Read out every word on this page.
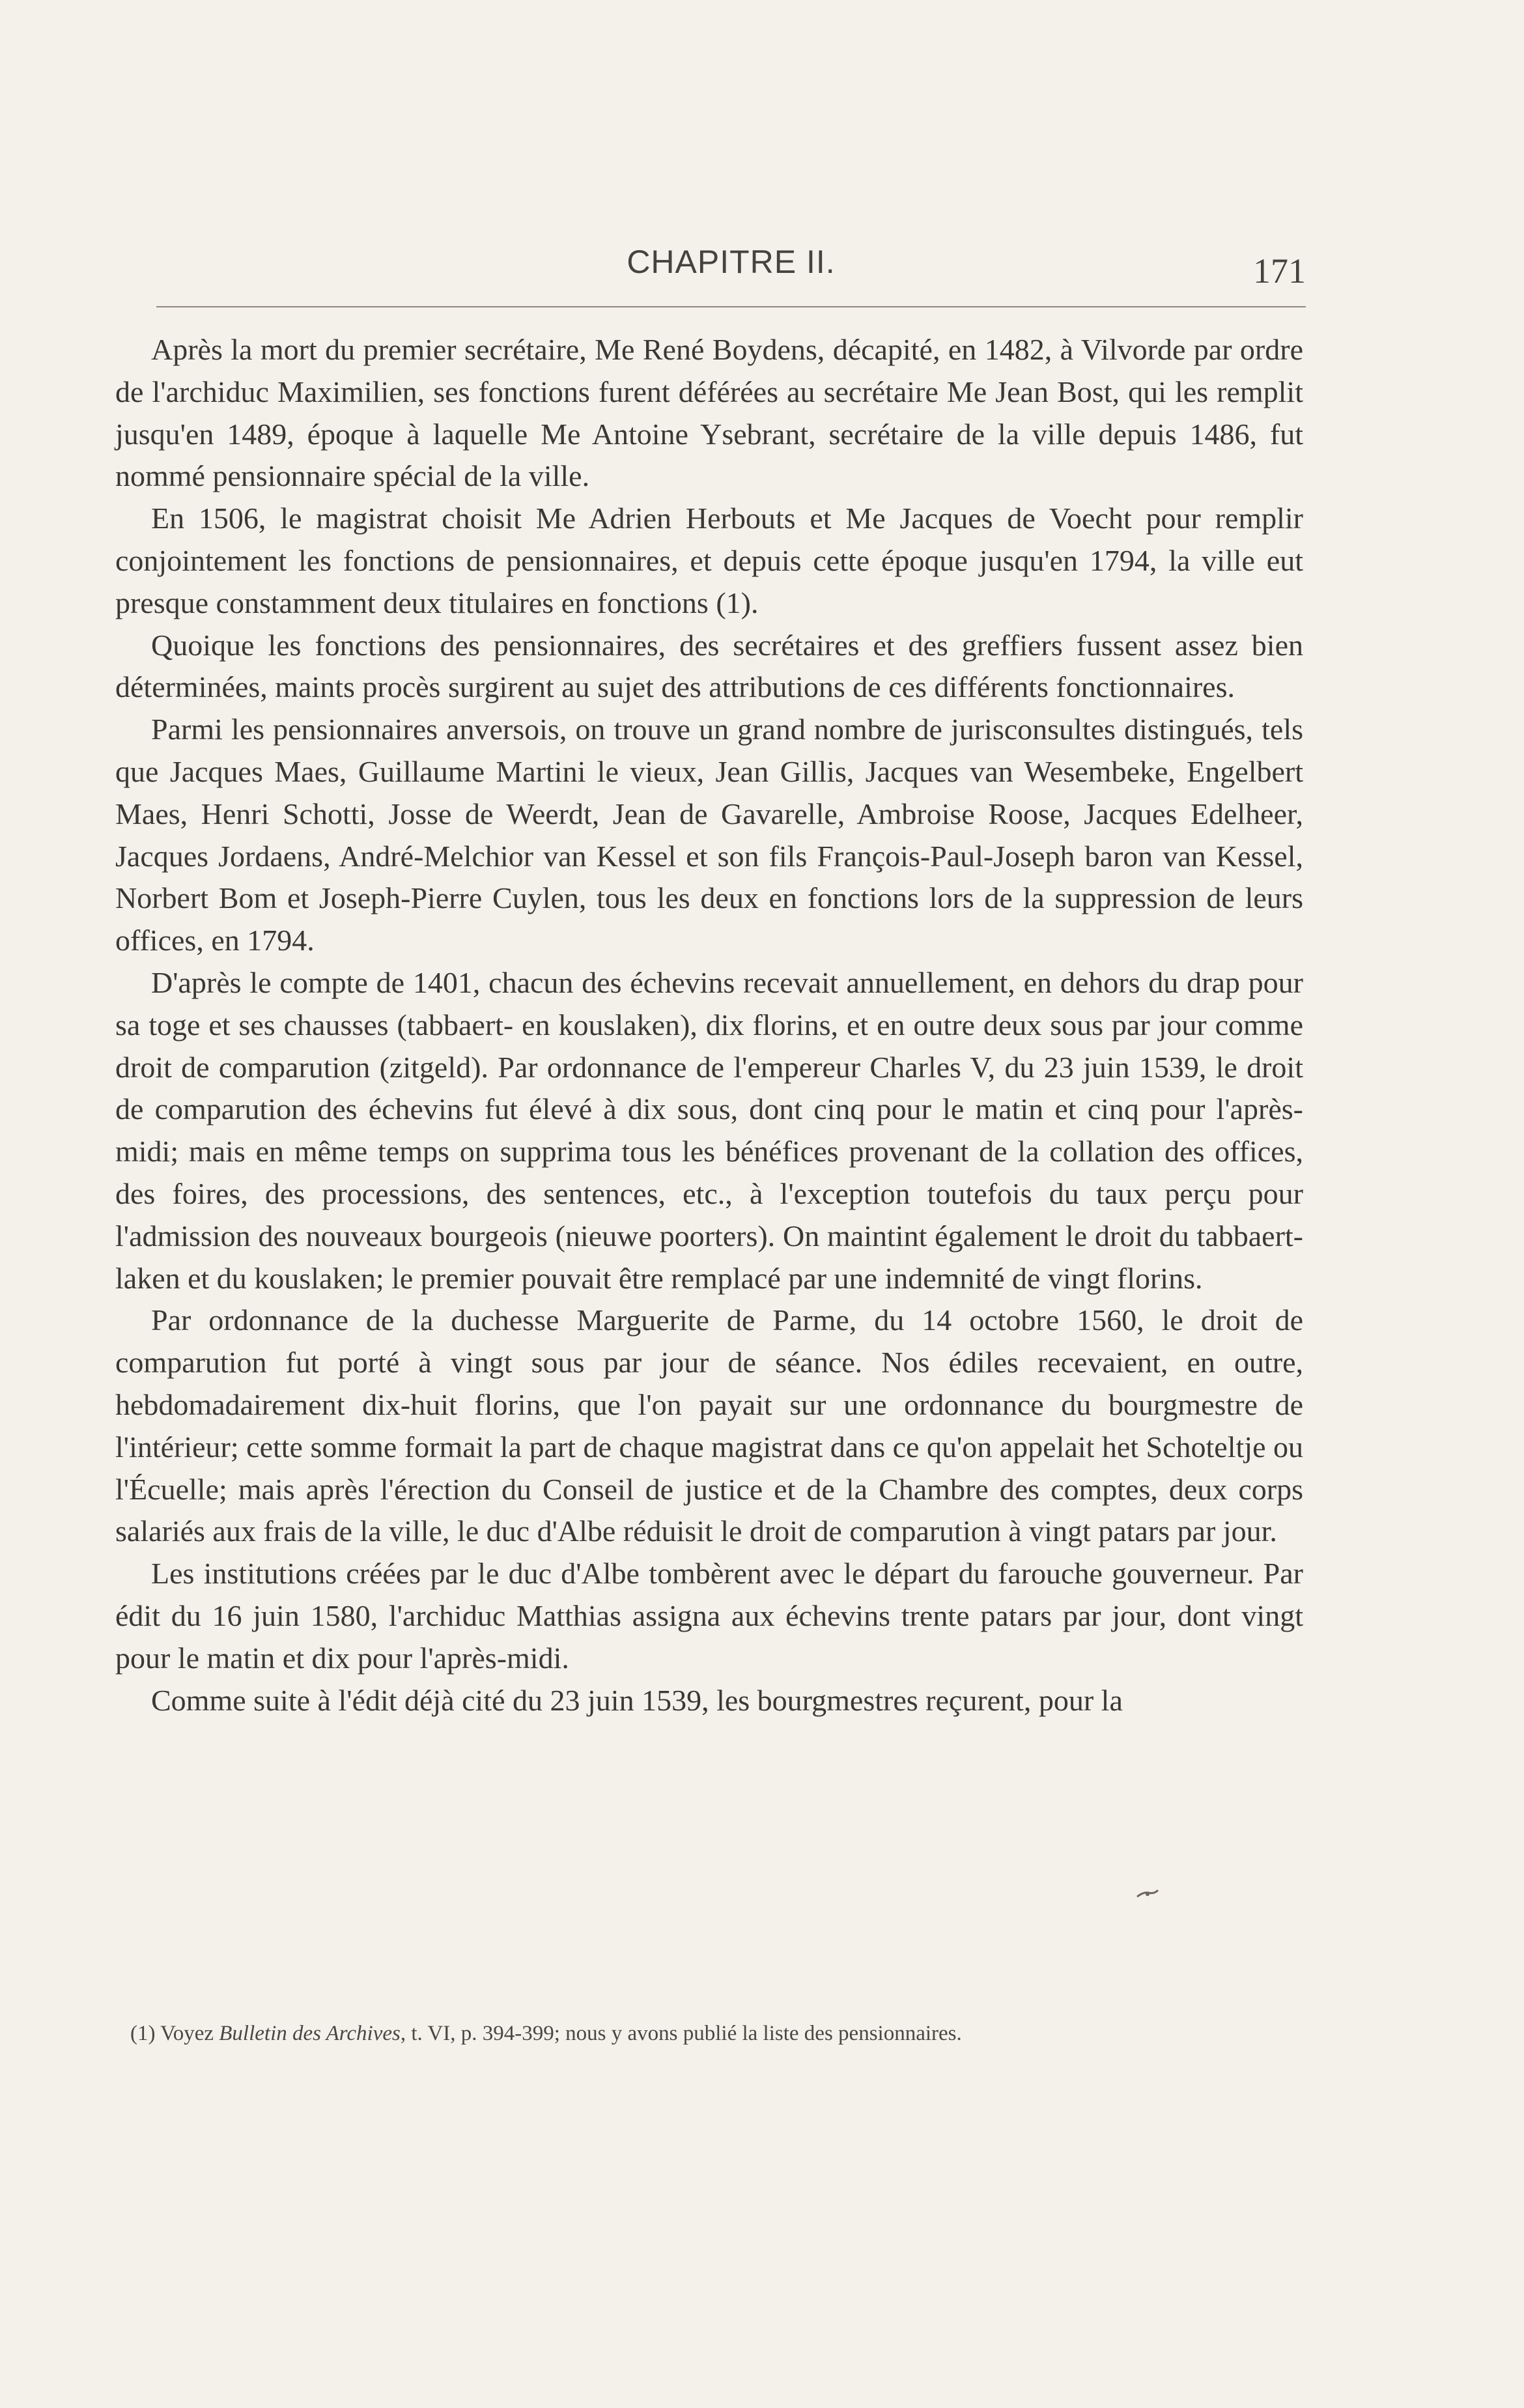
CHAPITRE II.	171

Après la mort du premier secrétaire, Me René Boydens, décapité, en 1482, à Vilvorde par ordre de l'archiduc Maximilien, ses fonctions furent déférées au secrétaire Me Jean Bost, qui les remplit jusqu'en 1489, époque à laquelle Me Antoine Ysebrant, secrétaire de la ville depuis 1486, fut nommé pensionnaire spécial de la ville.

En 1506, le magistrat choisit Me Adrien Herbouts et Me Jacques de Voecht pour remplir conjointement les fonctions de pensionnaires, et depuis cette époque jusqu'en 1794, la ville eut presque constamment deux titulaires en fonctions (1).

Quoique les fonctions des pensionnaires, des secrétaires et des greffiers fussent assez bien déterminées, maints procès surgirent au sujet des attributions de ces différents fonctionnaires.

Parmi les pensionnaires anversois, on trouve un grand nombre de jurisconsultes distingués, tels que Jacques Maes, Guillaume Martini le vieux, Jean Gillis, Jacques van Wesembeke, Engelbert Maes, Henri Schotti, Josse de Weerdt, Jean de Gavarelle, Ambroise Roose, Jacques Edelheer, Jacques Jordaens, André-Melchior van Kessel et son fils François-Paul-Joseph baron van Kessel, Norbert Bom et Joseph-Pierre Cuylen, tous les deux en fonctions lors de la suppression de leurs offices, en 1794.

D'après le compte de 1401, chacun des échevins recevait annuellement, en dehors du drap pour sa toge et ses chausses (tabbaert- en kouslaken), dix florins, et en outre deux sous par jour comme droit de comparution (zitgeld). Par ordonnance de l'empereur Charles V, du 23 juin 1539, le droit de comparution des échevins fut élevé à dix sous, dont cinq pour le matin et cinq pour l'après-midi; mais en même temps on supprima tous les bénéfices provenant de la collation des offices, des foires, des processions, des sentences, etc., à l'exception toutefois du taux perçu pour l'admission des nouveaux bourgeois (nieuwe poorters). On maintint également le droit du tabbaert-laken et du kouslaken; le premier pouvait être remplacé par une indemnité de vingt florins.

Par ordonnance de la duchesse Marguerite de Parme, du 14 octobre 1560, le droit de comparution fut porté à vingt sous par jour de séance. Nos édiles recevaient, en outre, hebdomadairement dix-huit florins, que l'on payait sur une ordonnance du bourgmestre de l'intérieur; cette somme formait la part de chaque magistrat dans ce qu'on appelait het Schoteltje ou l'Écuelle; mais après l'érection du Conseil de justice et de la Chambre des comptes, deux corps salariés aux frais de la ville, le duc d'Albe réduisit le droit de comparution à vingt patars par jour.

Les institutions créées par le duc d'Albe tombèrent avec le départ du farouche gouverneur. Par édit du 16 juin 1580, l'archiduc Matthias assigna aux échevins trente patars par jour, dont vingt pour le matin et dix pour l'après-midi.

Comme suite à l'édit déjà cité du 23 juin 1539, les bourgmestres reçurent, pour la

(1) Voyez Bulletin des Archives, t. VI, p. 394-399; nous y avons publié la liste des pensionnaires.
